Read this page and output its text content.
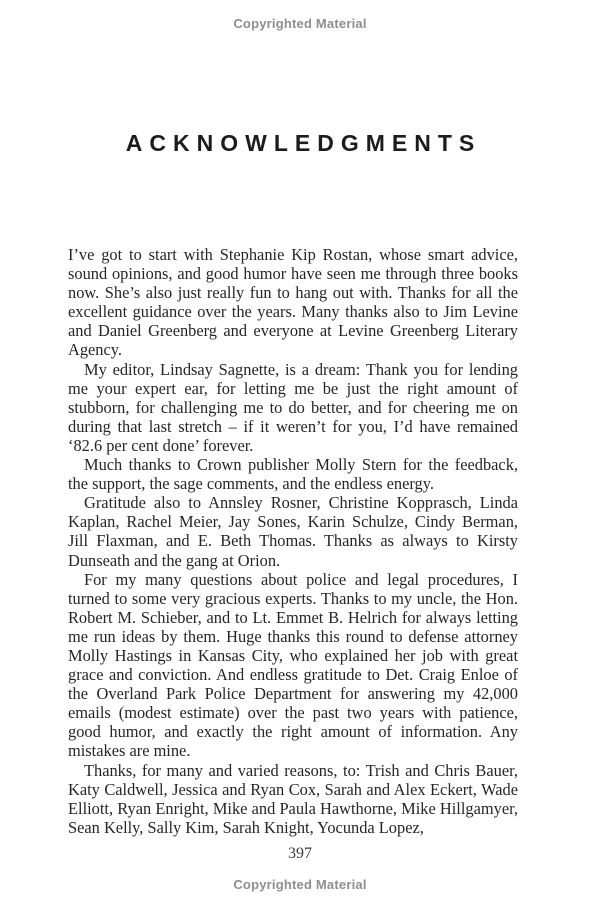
Copyrighted Material
ACKNOWLEDGMENTS

I’ve got to start with Stephanie Kip Rostan, whose smart advice, sound opinions, and good humor have seen me through three books now. She’s also just really fun to hang out with. Thanks for all the excellent guidance over the years. Many thanks also to Jim Levine and Daniel Greenberg and everyone at Levine Greenberg Literary Agency.

My editor, Lindsay Sagnette, is a dream: Thank you for lending me your expert ear, for letting me be just the right amount of stubborn, for challenging me to do better, and for cheering me on during that last stretch – if it weren’t for you, I’d have remained ‘82.6 per cent done’ forever.

Much thanks to Crown publisher Molly Stern for the feedback, the support, the sage comments, and the endless energy.

Gratitude also to Annsley Rosner, Christine Kopprasch, Linda Kaplan, Rachel Meier, Jay Sones, Karin Schulze, Cindy Berman, Jill Flaxman, and E. Beth Thomas. Thanks as always to Kirsty Dunseath and the gang at Orion.

For my many questions about police and legal procedures, I turned to some very gracious experts. Thanks to my uncle, the Hon. Robert M. Schieber, and to Lt. Emmet B. Helrich for always letting me run ideas by them. Huge thanks this round to defense attorney Molly Hastings in Kansas City, who explained her job with great grace and conviction. And endless gratitude to Det. Craig Enloe of the Overland Park Police Department for answering my 42,000 emails (modest estimate) over the past two years with patience, good humor, and exactly the right amount of information. Any mistakes are mine.

Thanks, for many and varied reasons, to: Trish and Chris Bauer, Katy Caldwell, Jessica and Ryan Cox, Sarah and Alex Eckert, Wade Elliott, Ryan Enright, Mike and Paula Hawthorne, Mike Hillgamyer, Sean Kelly, Sally Kim, Sarah Knight, Yocunda Lopez,

397
Copyrighted Material
